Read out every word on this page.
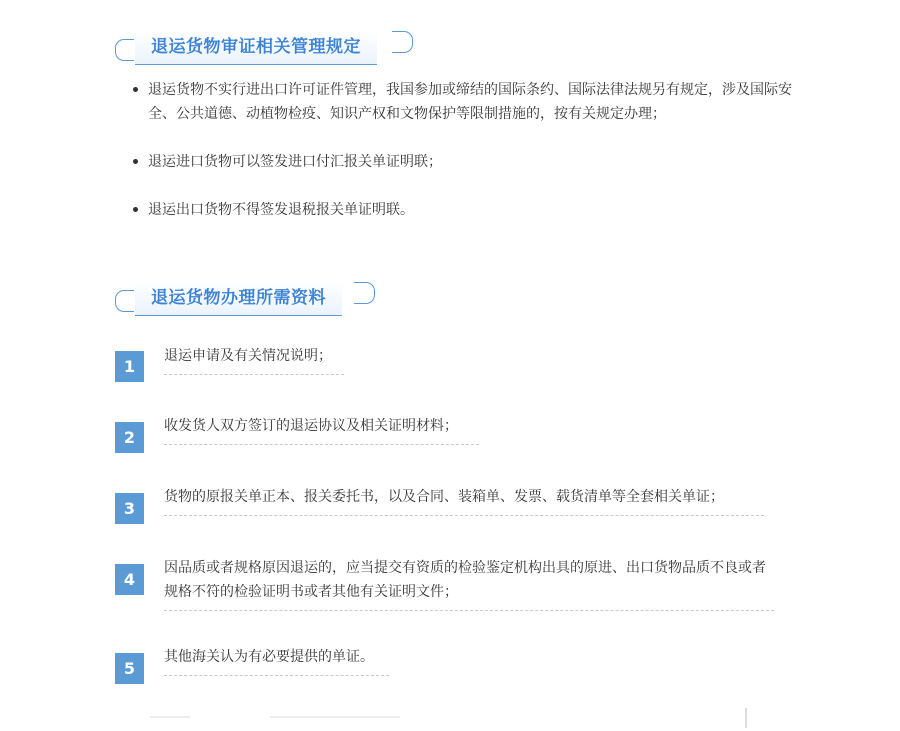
退运货物审证相关管理规定
退运货物不实行进出口许可证件管理，我国参加或缔结的国际条约、国际法律法规另有规定，涉及国际安全、公共道德、动植物检疫、知识产权和文物保护等限制措施的，按有关规定办理；
退运进口货物可以签发进口付汇报关单证明联；
退运出口货物不得签发退税报关单证明联。
退运货物办理所需资料
1
退运申请及有关情况说明；
2
收发货人双方签订的退运协议及相关证明材料；
3
货物的原报关单正本、报关委托书，以及合同、装箱单、发票、载货清单等全套相关单证；
4
因品质或者规格原因退运的，应当提交有资质的检验鉴定机构出具的原进、出口货物品质不良或者规格不符的检验证明书或者其他有关证明文件；
5
其他海关认为有必要提供的单证。
